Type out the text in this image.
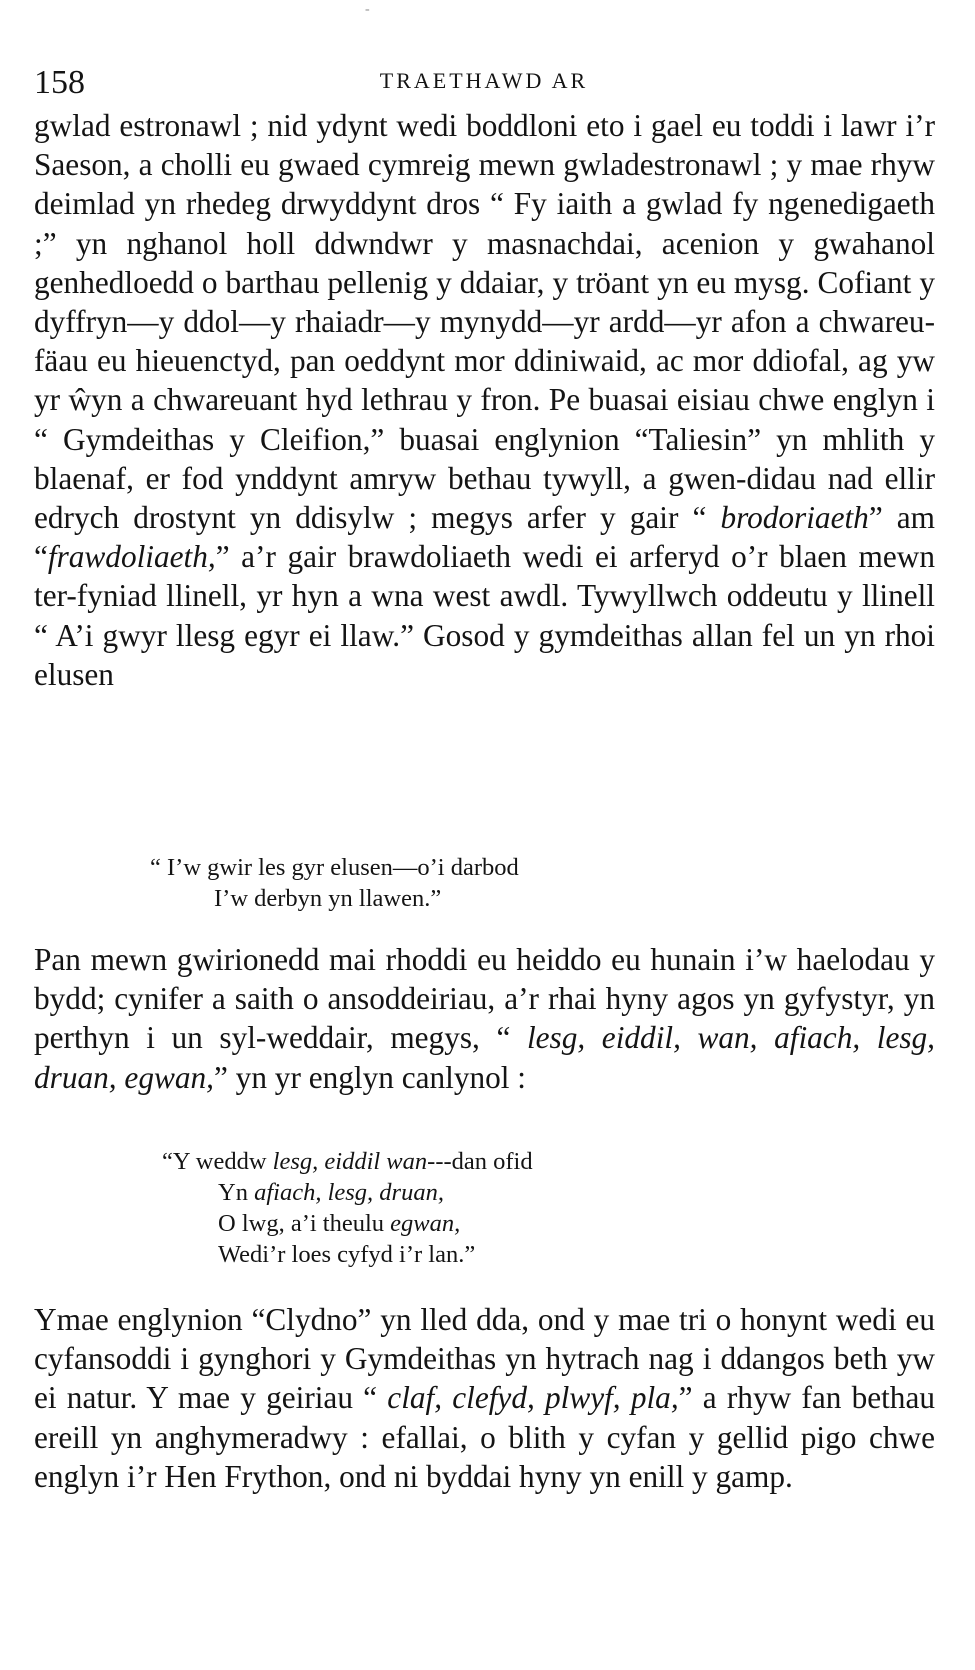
-
158	TRAETHAWD AR

gwlad estronawl ; nid ydynt wedi boddloni eto i gael eu toddi i lawr i’r Saeson, a cholli eu gwaed cymreig mewn gwladestronawl ; y mae rhyw deimlad yn rhedeg drwyddynt dros “ Fy iaith a gwlad fy ngenedigaeth ;” yn nghanol holl ddwndwr y masnachdai, acenion y gwahanol genhedloedd o barthau pellenig y ddaiar, y tröant yn eu mysg. Cofiant y dyffryn—y ddol—y rhaiadr—y mynydd—yr ardd—yr afon a chwareu-fäau eu hieuenctyd, pan oeddynt mor ddiniwaid, ac mor ddiofal, ag yw yr ŵyn a chwareuant hyd lethrau y fron. Pe buasai eisiau chwe englyn i “ Gymdeithas y Cleifion,” buasai englynion “Taliesin” yn mhlith y blaenaf, er fod ynddynt amryw bethau tywyll, a gwen-didau nad ellir edrych drostynt yn ddisylw ; megys arfer y gair “ brodoriaeth” am “frawdoliaeth,” a’r gair brawdoliaeth wedi ei arferyd o’r blaen mewn ter-fyniad llinell, yr hyn a wna west awdl. Tywyllwch oddeutu y llinell “ A’i gwyr llesg egyr ei llaw.” Gosod y gymdeithas allan fel un yn rhoi elusen

“ I’w gwir les gyr elusen—o’i darbod
I’w derbyn yn llawen.”

Pan mewn gwirionedd mai rhoddi eu heiddo eu hunain i’w haelodau y bydd; cynifer a saith o ansoddeiriau, a’r rhai hyny agos yn gyfystyr, yn perthyn i un syl-weddair, megys, “ lesg, eiddil, wan, afiach, lesg, druan, egwan,” yn yr englyn canlynol :

“Y weddw lesg, eiddil wan---dan ofid
Yn afiach, lesg, druan,
O lwg, a’i theulu egwan,
Wedi’r loes cyfyd i’r lan.”

Ymae englynion “Clydno” yn lled dda, ond y mae tri o honynt wedi eu cyfansoddi i gynghori y Gymdeithas yn hytrach nag i ddangos beth yw ei natur. Y mae y geiriau “ claf, clefyd, plwyf, pla,” a rhyw fan bethau ereill yn anghymeradwy : efallai, o blith y cyfan y gellid pigo chwe englyn i’r Hen Frython, ond ni byddai hyny yn enill y gamp.
